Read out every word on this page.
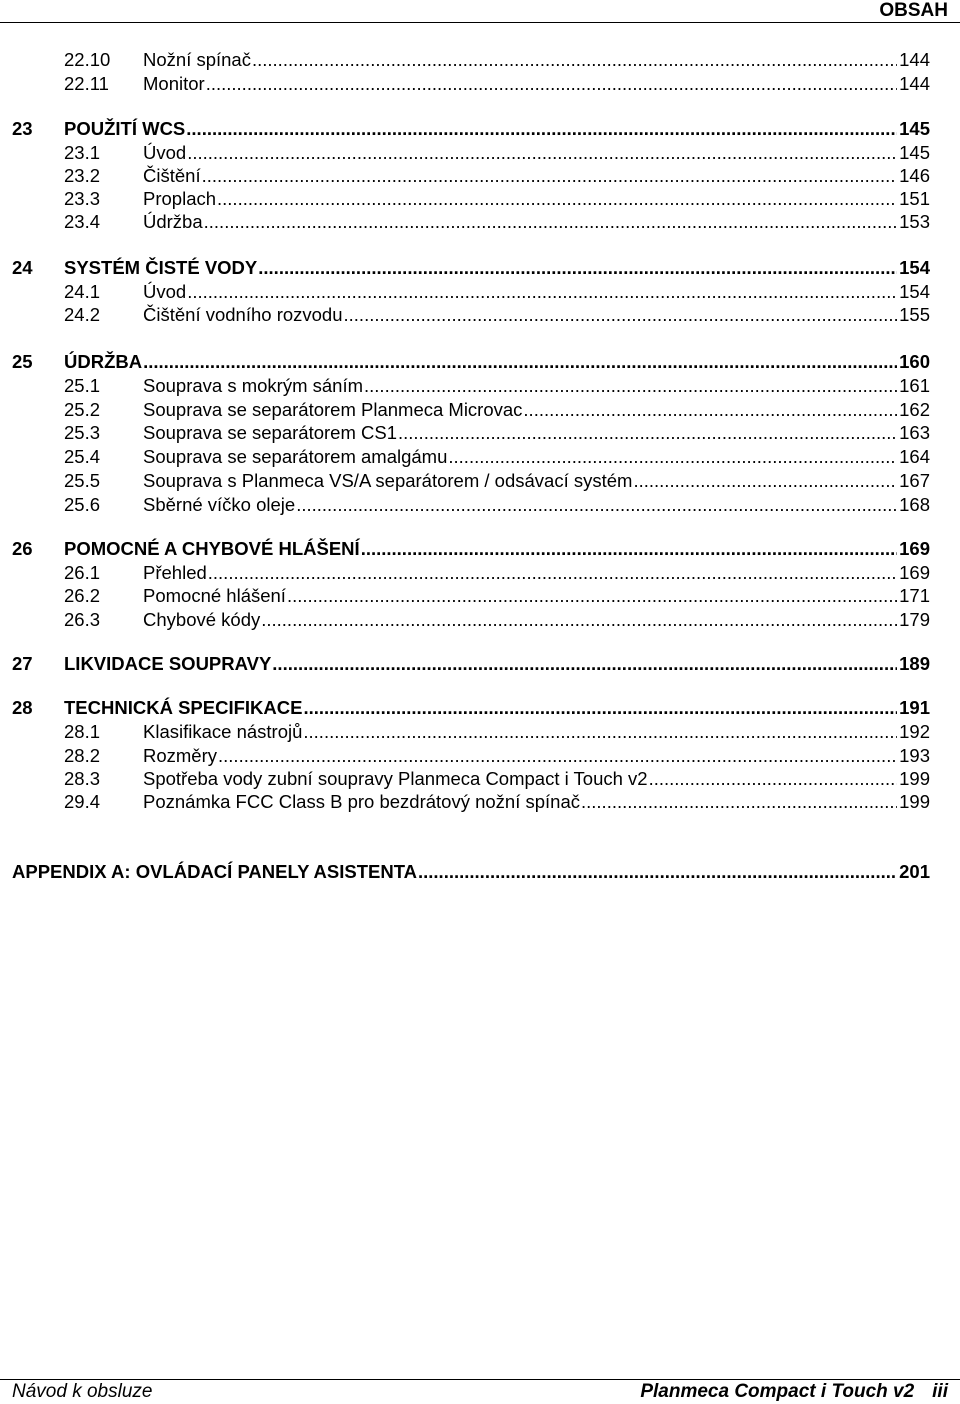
OBSAH
22.10 Nožní spínač .....	144
22.11 Monitor .....	144
23 POUŽITÍ WCS .....	145
23.1 Úvod .....	145
23.2 Čištění .....	146
23.3 Proplach .....	151
23.4 Údržba .....	153
24 SYSTÉM ČISTÉ VODY .....	154
24.1 Úvod .....	154
24.2 Čištění vodního rozvodu .....	155
25 ÚDRŽBA .....	160
25.1 Souprava s mokrým sáním .....	161
25.2 Souprava se separátorem Planmeca Microvac .....	162
25.3 Souprava se separátorem CS1 .....	163
25.4 Souprava se separátorem amalgámu .....	164
25.5 Souprava s Planmeca VS/A separátorem / odsávací systém .....	167
25.6 Sběrné víčko oleje .....	168
26 POMOCNÉ A CHYBOVÉ HLÁŠENÍ .....	169
26.1 Přehled .....	169
26.2 Pomocné hlášení .....	171
26.3 Chybové kódy .....	179
27 LIKVIDACE SOUPRAVY .....	189
28 TECHNICKÁ SPECIFIKACE .....	191
28.1 Klasifikace nástrojů .....	192
28.2 Rozměry .....	193
28.3 Spotřeba vody zubní soupravy Planmeca Compact i Touch v2 .....	199
29.4 Poznámka FCC Class B pro bezdrátový nožní spínač .....	199
APPENDIX A: OVLÁDACÍ PANELY ASISTENTA .....	201
Návod k obsluze	Planmeca Compact i Touch v2 iii
